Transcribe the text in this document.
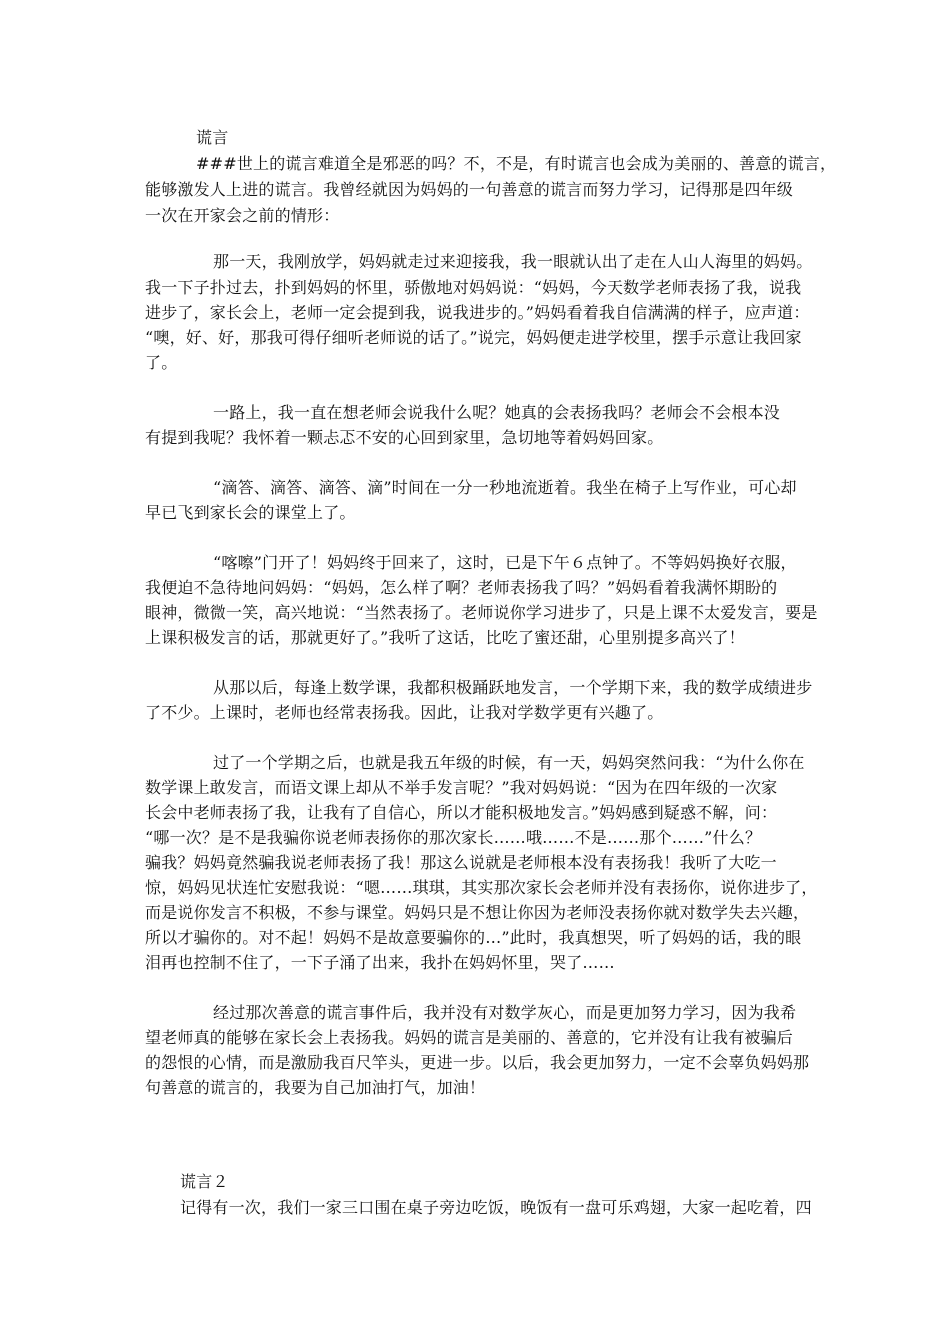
谎言
###世上的谎言难道全是邪恶的吗？不，不是，有时谎言也会成为美丽的、善意的谎言，
能够激发人上进的谎言。我曾经就因为妈妈的一句善意的谎言而努力学习，记得那是四年级
一次在开家会之前的情形：
那一天，我刚放学，妈妈就走过来迎接我，我一眼就认出了走在人山人海里的妈妈。
我一下子扑过去，扑到妈妈的怀里，骄傲地对妈妈说：“妈妈，今天数学老师表扬了我，说我
进步了，家长会上，老师一定会提到我，说我进步的。”妈妈看着我自信满满的样子，应声道：
“噢，好、好，那我可得仔细听老师说的话了。”说完，妈妈便走进学校里，摆手示意让我回家
了。
一路上，我一直在想老师会说我什么呢？她真的会表扬我吗？老师会不会根本没
有提到我呢？我怀着一颗忐忑不安的心回到家里，急切地等着妈妈回家。
“滴答、滴答、滴答、滴”时间在一分一秒地流逝着。我坐在椅子上写作业，可心却
早已飞到家长会的课堂上了。
“喀嚓”门开了！妈妈终于回来了，这时，已是下午６点钟了。不等妈妈换好衣服，
我便迫不急待地问妈妈：“妈妈，怎么样了啊？老师表扬我了吗？”妈妈看着我满怀期盼的
眼神，微微一笑，高兴地说：“当然表扬了。老师说你学习进步了，只是上课不太爱发言，要是
上课积极发言的话，那就更好了。”我听了这话，比吃了蜜还甜，心里别提多高兴了！
从那以后，每逢上数学课，我都积极踊跃地发言，一个学期下来，我的数学成绩进步
了不少。上课时，老师也经常表扬我。因此，让我对学数学更有兴趣了。
过了一个学期之后，也就是我五年级的时候，有一天，妈妈突然问我：“为什么你在
数学课上敢发言，而语文课上却从不举手发言呢？”我对妈妈说：“因为在四年级的一次家
长会中老师表扬了我，让我有了自信心，所以才能积极地发言。”妈妈感到疑惑不解，问：
“哪一次？是不是我骗你说老师表扬你的那次家长……哦……不是……那个……”什么？
骗我？妈妈竟然骗我说老师表扬了我！那这么说就是老师根本没有表扬我！我听了大吃一
惊，妈妈见状连忙安慰我说：“嗯……琪琪，其实那次家长会老师并没有表扬你，说你进步了，
而是说你发言不积极，不参与课堂。妈妈只是不想让你因为老师没表扬你就对数学失去兴趣，
所以才骗你的。对不起！妈妈不是故意要骗你的…”此时，我真想哭，听了妈妈的话，我的眼
泪再也控制不住了，一下子涌了出来，我扑在妈妈怀里，哭了……
经过那次善意的谎言事件后，我并没有对数学灰心，而是更加努力学习，因为我希
望老师真的能够在家长会上表扬我。妈妈的谎言是美丽的、善意的，它并没有让我有被骗后
的怨恨的心情，而是激励我百尺竿头，更进一步。以后，我会更加努力，一定不会辜负妈妈那
句善意的谎言的，我要为自己加油打气，加油！
谎言２
记得有一次，我们一家三口围在桌子旁边吃饭，晚饭有一盘可乐鸡翅，大家一起吃着，四
